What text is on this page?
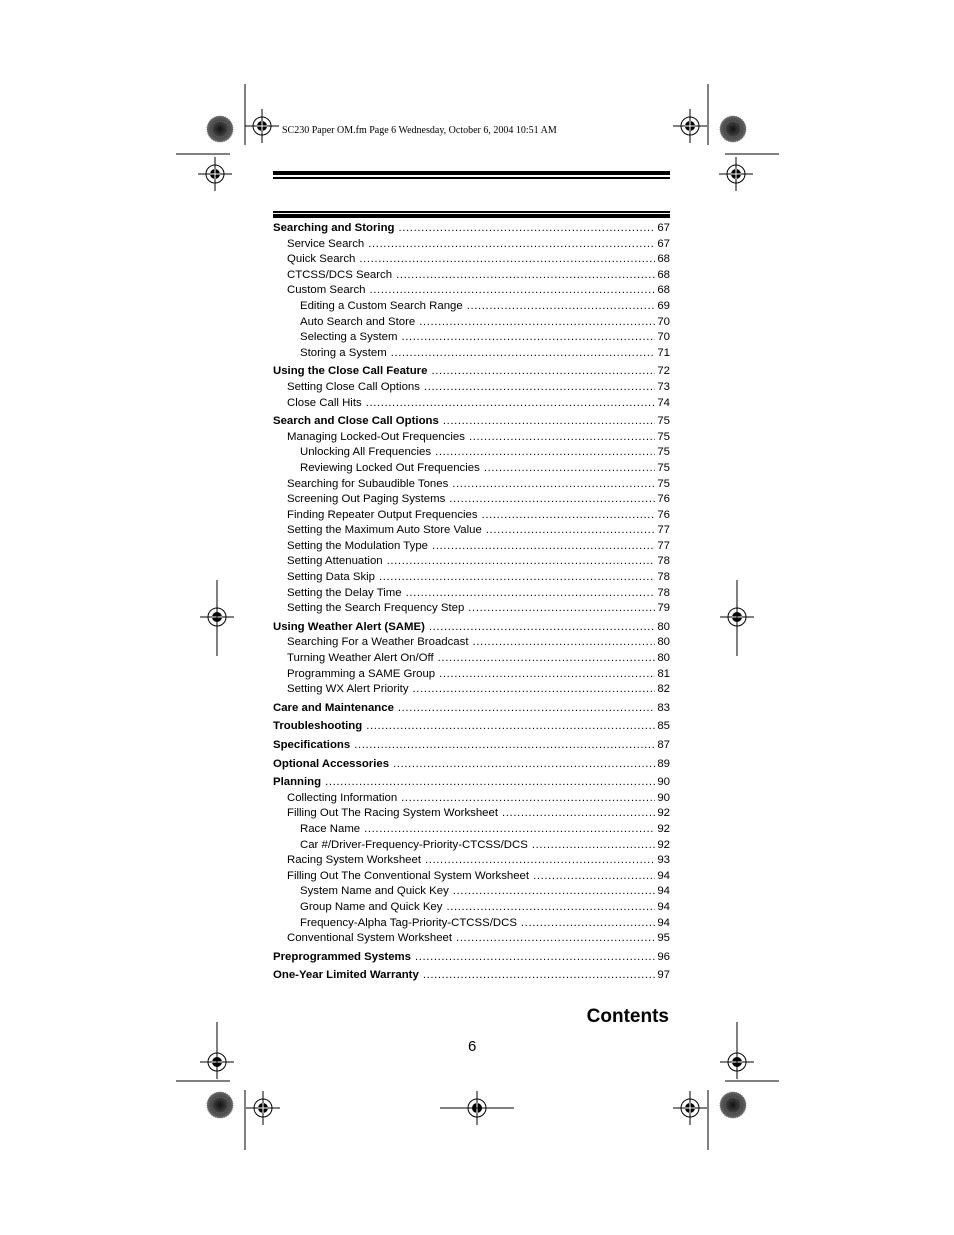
SC230 Paper OM.fm Page 6 Wednesday, October 6, 2004 10:51 AM
Searching and Storing .....	67
Service Search .....	67
Quick Search .....	68
CTCSS/DCS Search .....	68
Custom Search .....	68
Editing a Custom Search Range .....	69
Auto Search and Store .....	70
Selecting a System .....	70
Storing a System .....	71
Using the Close Call Feature .....	72
Setting Close Call Options .....	73
Close Call Hits .....	74
Search and Close Call Options .....	75
Managing Locked-Out Frequencies .....	75
Unlocking All Frequencies .....	75
Reviewing Locked Out Frequencies .....	75
Searching for Subaudible Tones .....	75
Screening Out Paging Systems .....	76
Finding Repeater Output Frequencies .....	76
Setting the Maximum Auto Store Value .....	77
Setting the Modulation Type .....	77
Setting Attenuation .....	78
Setting Data Skip .....	78
Setting the Delay Time .....	78
Setting the Search Frequency Step .....	79
Using Weather Alert (SAME) .....	80
Searching For a Weather Broadcast .....	80
Turning Weather Alert On/Off .....	80
Programming a SAME Group .....	81
Setting WX Alert Priority .....	82
Care and Maintenance .....	83
Troubleshooting .....	85
Specifications .....	87
Optional Accessories .....	89
Planning .....	90
Collecting Information .....	90
Filling Out The Racing System Worksheet .....	92
Race Name .....	92
Car #/Driver-Frequency-Priority-CTCSS/DCS .....	92
Racing System Worksheet .....	93
Filling Out The Conventional System Worksheet .....	94
System Name and Quick Key .....	94
Group Name and Quick Key .....	94
Frequency-Alpha Tag-Priority-CTCSS/DCS .....	94
Conventional System Worksheet .....	95
Preprogrammed Systems .....	96
One-Year Limited Warranty .....	97
Contents
6
